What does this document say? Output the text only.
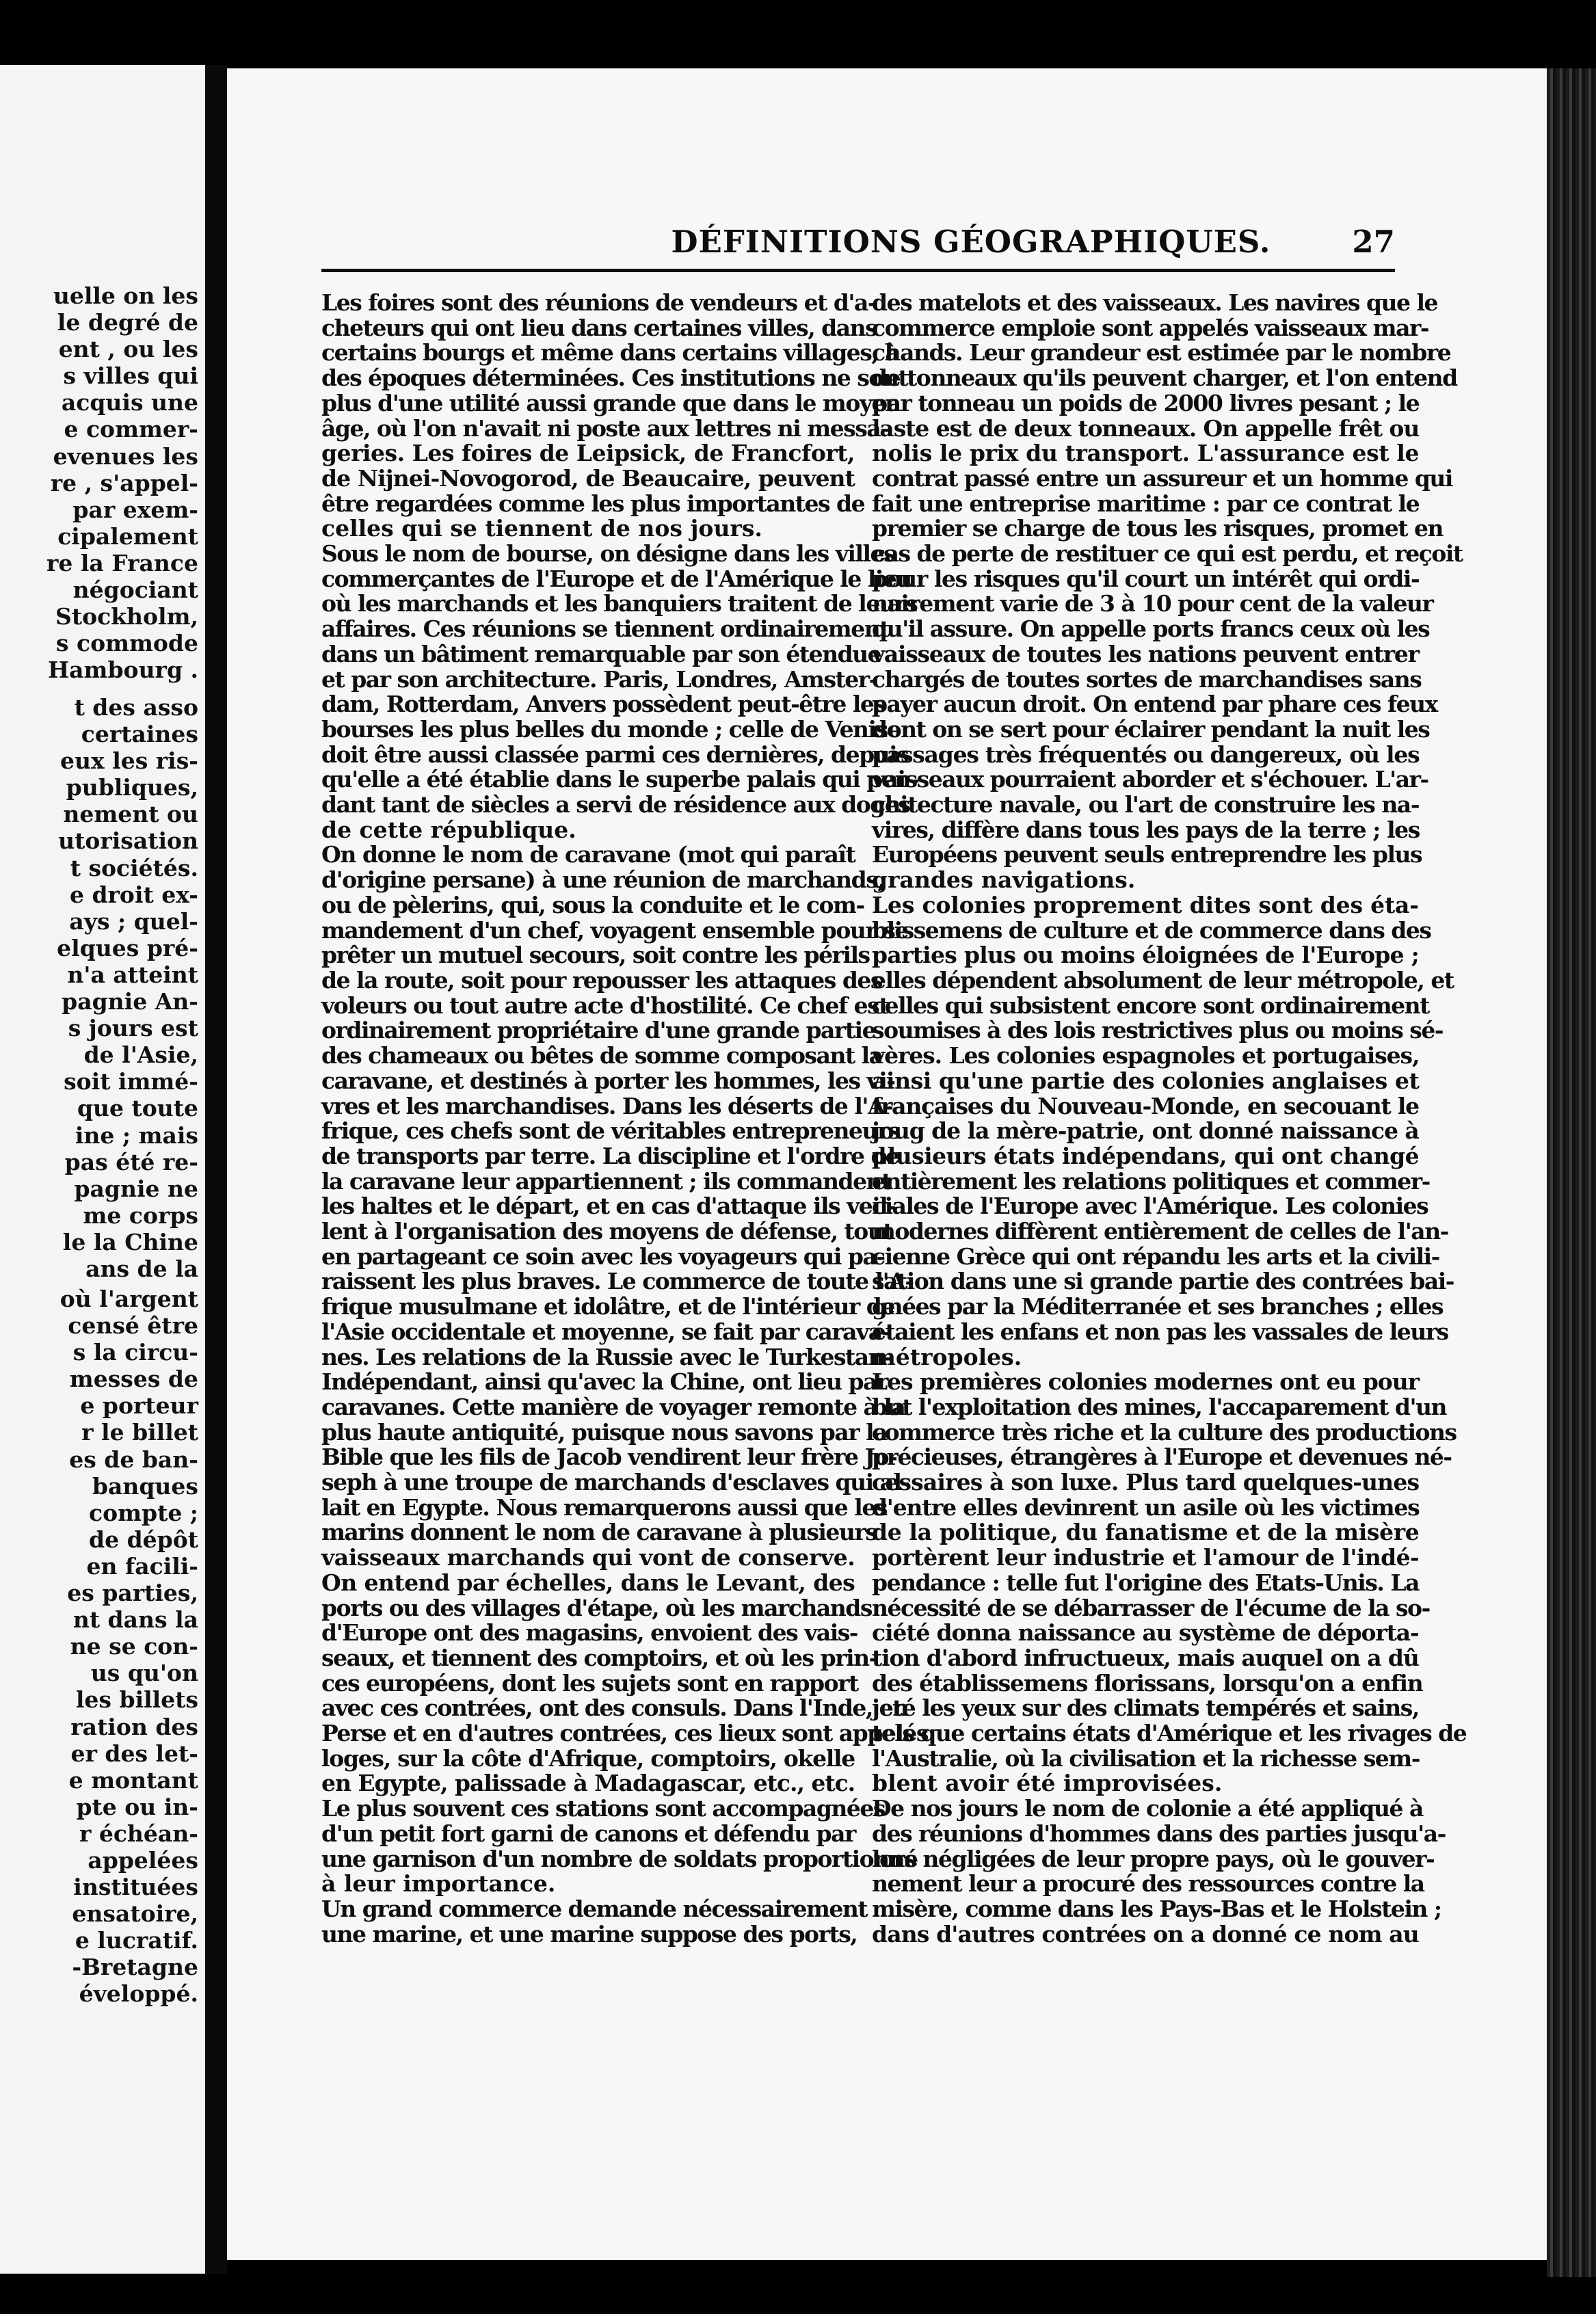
uelle on les
le degré de
ent , ou les
s villes qui
acquis une
e commer-
evenues les
re , s'appel-
par exem-
cipalement
re la France
négociant
Stockholm,
s commode
Hambourg .
t des asso
certaines
eux les ris-
publiques,
nement ou
utorisation
t sociétés.
e droit ex-
ays ; quel-
elques pré-
n'a atteint
pagnie An-
s jours est
de l'Asie,
soit immé-
que toute
ine ; mais
pas été re-
pagnie ne
me corps
le la Chine
ans de la
où l'argent
censé être
s la circu-
messes de
e porteur
r le billet
es de ban-
banques
compte ;
de dépôt
en facili-
es parties,
nt dans la
ne se con-
us qu'on
les billets
ration des
er des let-
e montant
pte ou in-
r échéan-
appelées
instituées
ensatoire,
e lucratif.
-Bretagne
éveloppé.
DÉFINITIONS GÉOGRAPHIQUES.	27
Les foires sont des réunions de vendeurs et d'a-
cheteurs qui ont lieu dans certaines villes, dans
certains bourgs et même dans certains villages, à
des époques déterminées. Ces institutions ne sont
plus d'une utilité aussi grande que dans le moyen
âge, où l'on n'avait ni poste aux lettres ni messa-
geries. Les foires de Leipsick, de Francfort,
de Nijnei-Novogorod, de Beaucaire, peuvent
être regardées comme les plus importantes de
celles qui se tiennent de nos jours.
Sous le nom de bourse, on désigne dans les villes
commerçantes de l'Europe et de l'Amérique le lieu
où les marchands et les banquiers traitent de leurs
affaires. Ces réunions se tiennent ordinairement
dans un bâtiment remarquable par son étendue
et par son architecture. Paris, Londres, Amster-
dam, Rotterdam, Anvers possèdent peut-être les
bourses les plus belles du monde ; celle de Venise
doit être aussi classée parmi ces dernières, depuis
qu'elle a été établie dans le superbe palais qui pen-
dant tant de siècles a servi de résidence aux doges
de cette république.
On donne le nom de caravane (mot qui paraît
d'origine persane) à une réunion de marchands,
ou de pèlerins, qui, sous la conduite et le com-
mandement d'un chef, voyagent ensemble pour se
prêter un mutuel secours, soit contre les périls
de la route, soit pour repousser les attaques des
voleurs ou tout autre acte d'hostilité. Ce chef est
ordinairement propriétaire d'une grande partie
des chameaux ou bêtes de somme composant la
caravane, et destinés à porter les hommes, les vi-
vres et les marchandises. Dans les déserts de l'A-
frique, ces chefs sont de véritables entrepreneurs
de transports par terre. La discipline et l'ordre de
la caravane leur appartiennent ; ils commandent
les haltes et le départ, et en cas d'attaque ils veil-
lent à l'organisation des moyens de défense, tout
en partageant ce soin avec les voyageurs qui pa-
raissent les plus braves. Le commerce de toute l'A-
frique musulmane et idolâtre, et de l'intérieur de
l'Asie occidentale et moyenne, se fait par carava-
nes. Les relations de la Russie avec le Turkestan-
Indépendant, ainsi qu'avec la Chine, ont lieu par
caravanes. Cette manière de voyager remonte à la
plus haute antiquité, puisque nous savons par la
Bible que les fils de Jacob vendirent leur frère Jo-
seph à une troupe de marchands d'esclaves qui al-
lait en Egypte. Nous remarquerons aussi que les
marins donnent le nom de caravane à plusieurs
vaisseaux marchands qui vont de conserve.
On entend par échelles, dans le Levant, des
ports ou des villages d'étape, où les marchands
d'Europe ont des magasins, envoient des vais-
seaux, et tiennent des comptoirs, et où les prin-
ces européens, dont les sujets sont en rapport
avec ces contrées, ont des consuls. Dans l'Inde, en
Perse et en d'autres contrées, ces lieux sont appelés
loges, sur la côte d'Afrique, comptoirs, okelle
en Egypte, palissade à Madagascar, etc., etc.
Le plus souvent ces stations sont accompagnées
d'un petit fort garni de canons et défendu par
une garnison d'un nombre de soldats proportionné
à leur importance.
Un grand commerce demande nécessairement
une marine, et une marine suppose des ports,
des matelots et des vaisseaux. Les navires que le
commerce emploie sont appelés vaisseaux mar-
chands. Leur grandeur est estimée par le nombre
de tonneaux qu'ils peuvent charger, et l'on entend
par tonneau un poids de 2000 livres pesant ; le
laste est de deux tonneaux. On appelle frêt ou
nolis le prix du transport. L'assurance est le
contrat passé entre un assureur et un homme qui
fait une entreprise maritime : par ce contrat le
premier se charge de tous les risques, promet en
cas de perte de restituer ce qui est perdu, et reçoit
pour les risques qu'il court un intérêt qui ordi-
nairement varie de 3 à 10 pour cent de la valeur
qu'il assure. On appelle ports francs ceux où les
vaisseaux de toutes les nations peuvent entrer
chargés de toutes sortes de marchandises sans
payer aucun droit. On entend par phare ces feux
dont on se sert pour éclairer pendant la nuit les
passages très fréquentés ou dangereux, où les
vaisseaux pourraient aborder et s'échouer. L'ar-
chitecture navale, ou l'art de construire les na-
vires, diffère dans tous les pays de la terre ; les
Européens peuvent seuls entreprendre les plus
grandes navigations.
Les colonies proprement dites sont des éta-
blissemens de culture et de commerce dans des
parties plus ou moins éloignées de l'Europe ;
elles dépendent absolument de leur métropole, et
celles qui subsistent encore sont ordinairement
soumises à des lois restrictives plus ou moins sé-
vères. Les colonies espagnoles et portugaises,
ainsi qu'une partie des colonies anglaises et
françaises du Nouveau-Monde, en secouant le
joug de la mère-patrie, ont donné naissance à
plusieurs états indépendans, qui ont changé
entièrement les relations politiques et commer-
ciales de l'Europe avec l'Amérique. Les colonies
modernes diffèrent entièrement de celles de l'an-
cienne Grèce qui ont répandu les arts et la civili-
sation dans une si grande partie des contrées bai-
gnées par la Méditerranée et ses branches ; elles
étaient les enfans et non pas les vassales de leurs
métropoles.
Les premières colonies modernes ont eu pour
but l'exploitation des mines, l'accaparement d'un
commerce très riche et la culture des productions
précieuses, étrangères à l'Europe et devenues né-
cessaires à son luxe. Plus tard quelques-unes
d'entre elles devinrent un asile où les victimes
de la politique, du fanatisme et de la misère
portèrent leur industrie et l'amour de l'indé-
pendance : telle fut l'origine des Etats-Unis. La
nécessité de se débarrasser de l'écume de la so-
ciété donna naissance au système de déporta-
tion d'abord infructueux, mais auquel on a dû
des établissemens florissans, lorsqu'on a enfin
jeté les yeux sur des climats tempérés et sains,
tels que certains états d'Amérique et les rivages de
l'Australie, où la civilisation et la richesse sem-
blent avoir été improvisées.
De nos jours le nom de colonie a été appliqué à
des réunions d'hommes dans des parties jusqu'a-
lors négligées de leur propre pays, où le gouver-
nement leur a procuré des ressources contre la
misère, comme dans les Pays-Bas et le Holstein ;
dans d'autres contrées on a donné ce nom au
